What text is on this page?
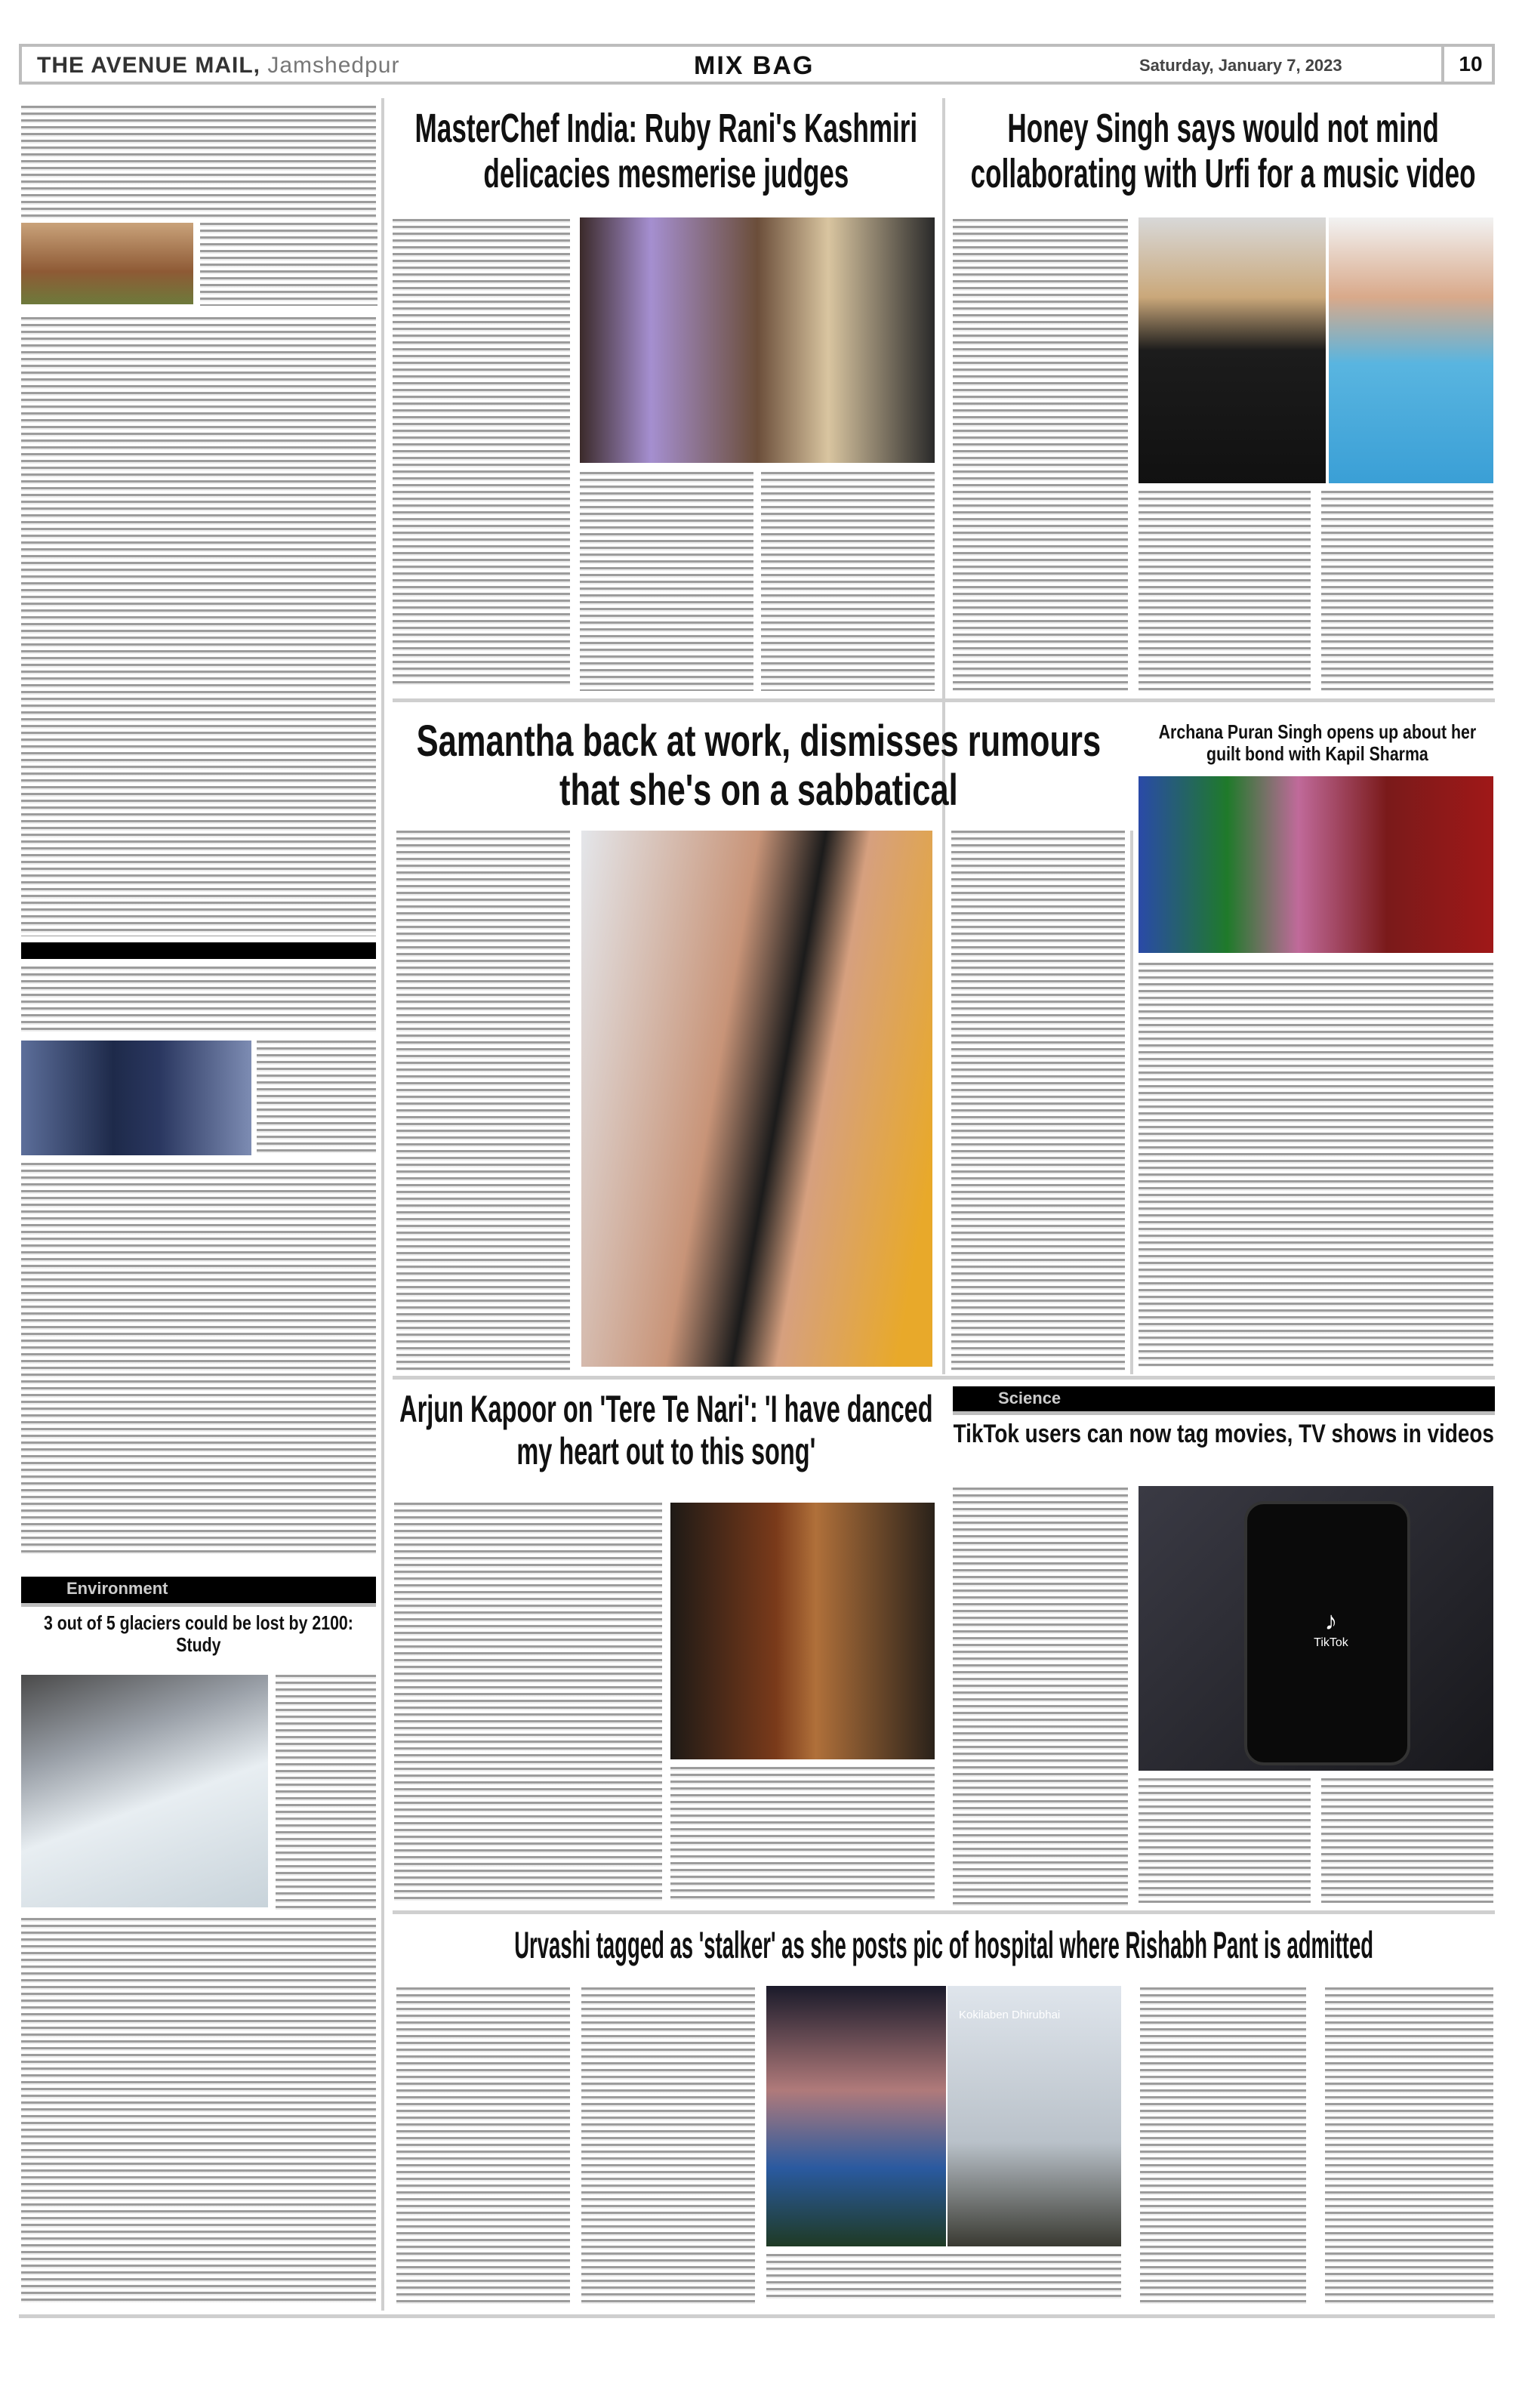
THE AVENUE MAIL, Jamshedpur	MIX BAG	Saturday, January 7, 2023	10
Environment
3 out of 5 glaciers could be lost by 2100: Study
MasterChef India: Ruby Rani's Kashmiri delicacies mesmerise judges
Honey Singh says would not mind collaborating with Urfi for a music video
Samantha back at work, dismisses rumours that she's on a sabbatical
Archana Puran Singh opens up about her guilt bond with Kapil Sharma
Arjun Kapoor on 'Tere Te Nari': 'I have danced my heart out to this song'
Science
TikTok users can now tag movies, TV shows in videos
♪
TikTok
Urvashi tagged as 'stalker' as she posts pic of hospital where Rishabh Pant is admitted
Kokilaben Dhirubhai
